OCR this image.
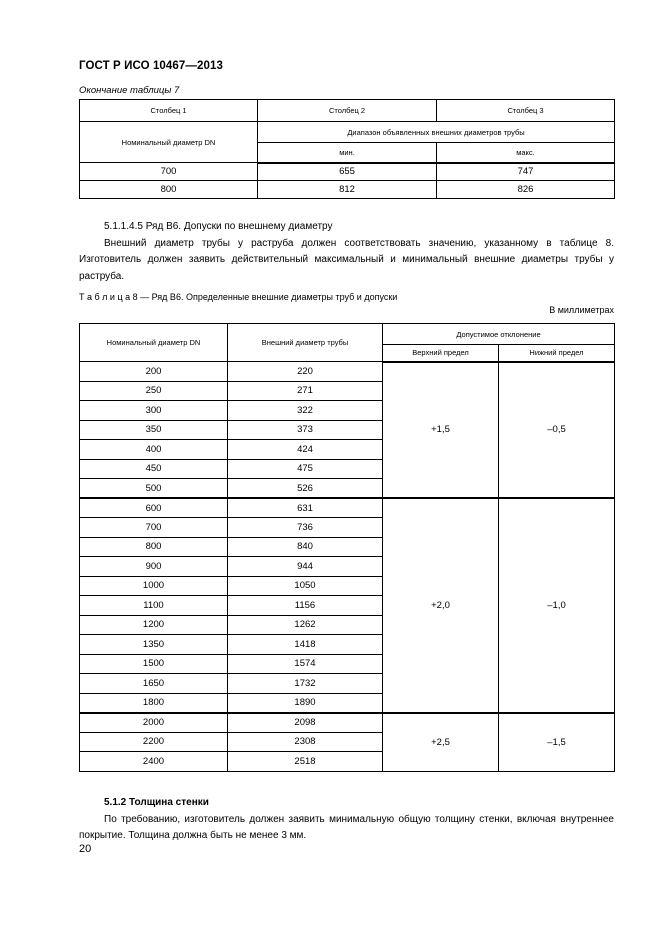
ГОСТ Р ИСО 10467—2013
Окончание таблицы 7
Столбец 1	Столбец 2	Столбец 3
Номинальный диаметр DN	Диапазон объявленных внешних диаметров трубы	
	мин.	макс.
700	655	747
800	812	826

5.1.1.4.5 Ряд В6. Допуски по внешнему диаметру

Внешний диаметр трубы у раструба должен соответствовать значению, указанному в таблице 8. Изготовитель должен заявить действительный максимальный и минимальный внешние диаметры трубы у раструба.

Т а б л и ц а 8 — Ряд В6. Определенные внешние диаметры труб и допуски
В миллиметрах
Номинальный диаметр DN	Внешний диаметр трубы	Допустимое отклонение	
		Верхний предел	Нижний предел
200	220	+1,5	–0,5
250	271		
300	322		
350	373		
400	424		
450	475		
500	526		
600	631	+2,0	–1,0
700	736		
800	840		
900	944		
1000	1050		
1100	1156		
1200	1262		
1350	1418		
1500	1574		
1650	1732		
1800	1890		
2000	2098	+2,5	–1,5
2200	2308		
2400	2518		

5.1.2 Толщина стенки

По требованию, изготовитель должен заявить минимальную общую толщину стенки, включая внутреннее покрытие. Толщина должна быть не менее 3 мм.

20
